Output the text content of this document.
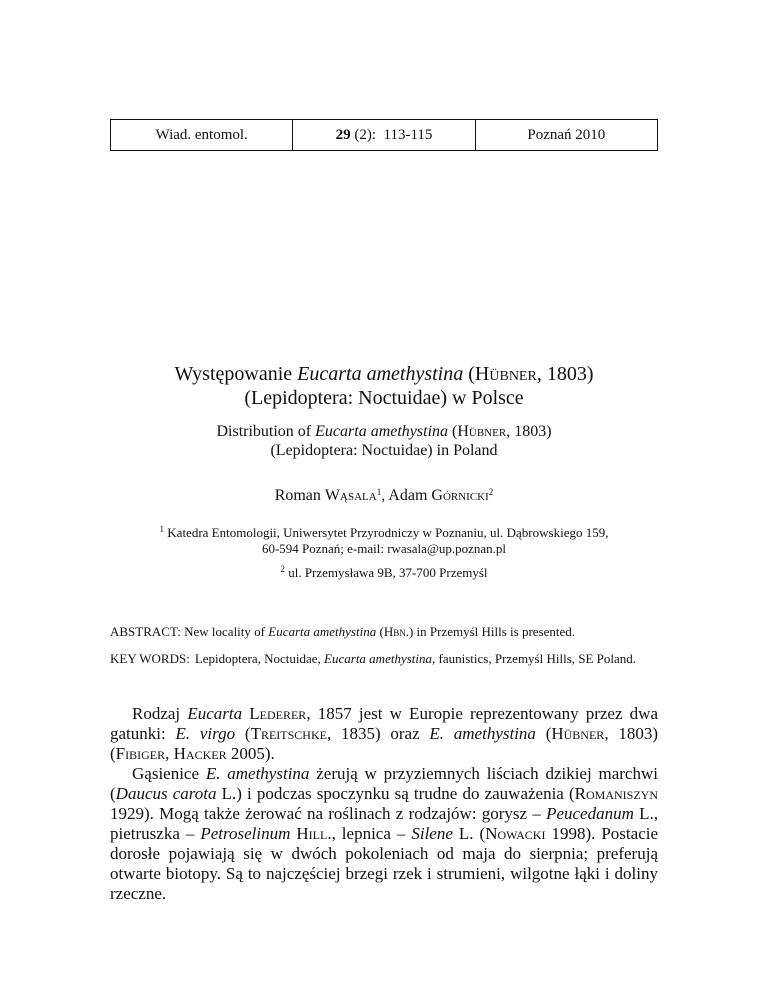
Wiad. entomol.	29 (2):  113-115	Poznań 2010
Występowanie Eucarta amethystina (Hübner, 1803)
(Lepidoptera: Noctuidae) w Polsce
Distribution of Eucarta amethystina (Hübner, 1803)
(Lepidoptera: Noctuidae) in Poland
Roman Wąsala$^1$, Adam Górnicki$^2$
$^1$ Katedra Entomologii, Uniwersytet Przyrodniczy w Poznaniu, ul. Dąbrowskiego 159,
60-594 Poznań; e-mail: rwasala@up.poznan.pl
$^2$ ul. Przemysława 9B, 37-700 Przemyśl
ABSTRACT: New locality of Eucarta amethystina (Hbn.) in Przemyśl Hills is presented.
KEY WORDS: Lepidoptera, Noctuidae, Eucarta amethystina, faunistics, Przemyśl Hills, SE Poland.

Rodzaj Eucarta Lederer, 1857 jest w Europie reprezentowany przez dwa gatunki: E. virgo (Treitschke, 1835) oraz E. amethystina (Hübner, 1803) (Fibiger, Hacker 2005).

Gąsienice E. amethystina żerują w przyziemnych liściach dzikiej marchwi (Daucus carota L.) i podczas spoczynku są trudne do zauważenia (Romaniszyn 1929). Mogą także żerować na roślinach z rodzajów: gorysz – Peucedanum L., pietruszka – Petroselinum Hill., lepnica – Silene L. (Nowacki 1998). Postacie dorosłe pojawiają się w dwóch pokoleniach od maja do sierpnia; preferują otwarte biotopy. Są to najczęściej brzegi rzek i strumieni, wilgotne łąki i doliny rzeczne.
